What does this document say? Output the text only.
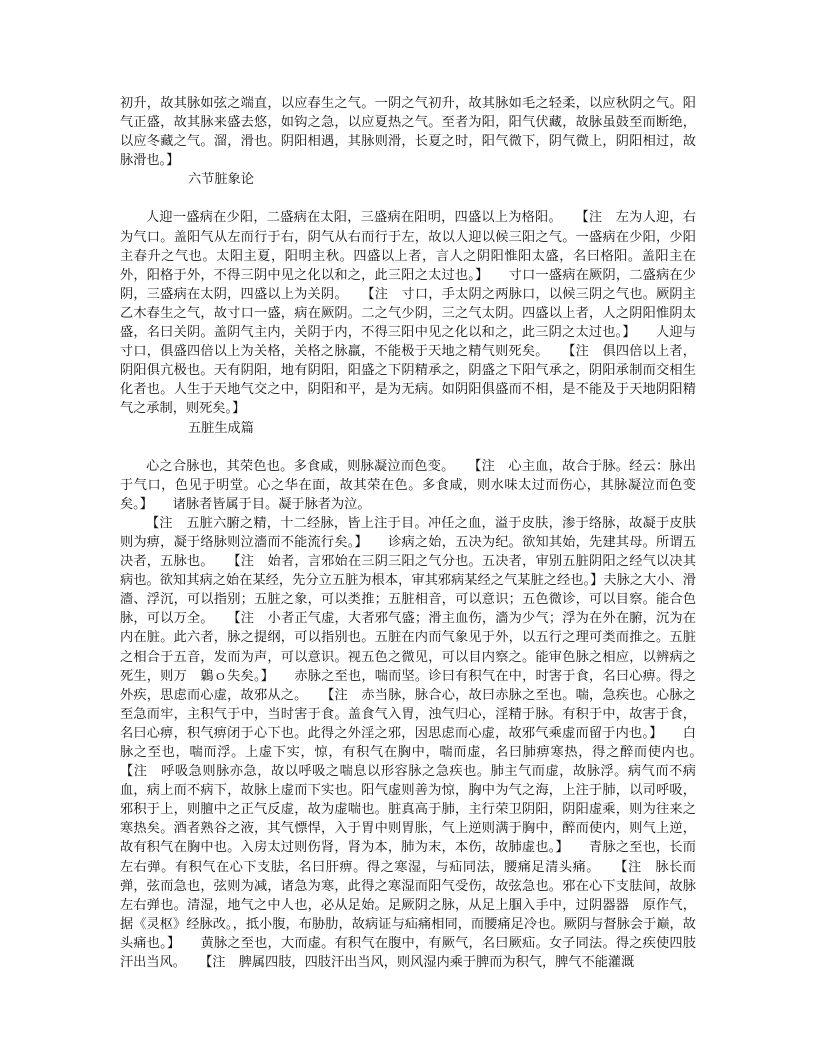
初升，故其脉如弦之端直，以应春生之气。一阴之气初升，故其脉如毛之轻柔，以应秋阴之气。阳气正盛，故其脉来盛去悠，如钩之急，以应夏热之气。至者为阳，阳气伏藏，故脉虽鼓至而断绝，以应冬藏之气。溜，滑也。阴阳相遇，其脉则滑，长夏之时，阳气微下，阴气微上，阴阳相过，故脉滑也。】

六节脏象论

人迎一盛病在少阳，二盛病在太阳，三盛病在阳明，四盛以上为格阳。　　【注　左为人迎，右为气口。盖阳气从左而行于右，阴气从右而行于左，故以人迎以候三阳之气。一盛病在少阳，少阳主春升之气也。太阳主夏，阳明主秋。四盛以上者，言人之阴阳惟阳太盛，名曰格阳。盖阳主在外，阳格于外，不得三阴中见之化以和之，此三阳之太过也。】　　寸口一盛病在厥阴，二盛病在少阴，三盛病在太阴，四盛以上为关阴。　　【注　寸口，手太阴之两脉口，以候三阴之气也。厥阴主乙木春生之气，故寸口一盛，病在厥阴。二之气少阴，三之气太阴。四盛以上者，人之阴阳惟阴太盛，名曰关阴。盖阴气主内，关阴于内，不得三阳中见之化以和之，此三阴之太过也。】　　人迎与寸口，俱盛四倍以上为关格，关格之脉羸，不能极于天地之精气则死矣。　　【注　俱四倍以上者，阴阳俱亢极也。天有阴阳，地有阴阳，阳盛之下阴精承之，阴盛之下阳气承之，阴阳承制而交相生化者也。人生于天地气交之中，阴阳和平，是为无病。如阴阳俱盛而不相，是不能及于天地阴阳精气之承制，则死矣。】

五脏生成篇

心之合脉也，其荣色也。多食咸，则脉凝泣而色变。　　【注　心主血，故合于脉。经云：脉出于气口，色见于明堂。心之华在面，故其荣在色。多食咸，则水味太过而伤心，其脉凝泣而色变矣。】　　诸脉者皆属于目。凝于脉者为泣。

【注　五脏六腑之精，十二经脉，皆上注于目。冲任之血，溢于皮肤，渗于络脉，故凝于皮肤则为痹，凝于络脉则泣濇而不能流行矣。】　　诊病之始，五决为纪。欲知其始，先建其母。所谓五决者，五脉也。　　【注　始者，言邪始在三阴三阳之气分也。五决者，审别五脏阴阳之经气以决其病也。欲知其病之始在某经，先分立五脏为根本，审其邪病某经之气某脏之经也。】夫脉之大小、滑濇、浮沉，可以指别；五脏之象，可以类推；五脏相音，可以意识；五色微诊，可以目察。能合色脉，可以万全。　　【注　小者正气虚，大者邪气盛；滑主血伤，濇为少气；浮为在外在腑，沉为在内在脏。此六者，脉之提纲，可以指别也。五脏在内而气象见于外，以五行之理可类而推之。五脏之相合于五音，发而为声，可以意识。视五色之微见，可以目内察之。能审色脉之相应，以辨病之死生，则万　鷍ｏ失矣。】　　赤脉之至也，喘而坚。诊曰有积气在中，时害于食，名曰心痹。得之外疾，思虑而心虚，故邪从之。　　【注　赤当脉，脉合心，故曰赤脉之至也。喘，急疾也。心脉之至急而牢，主积气于中，当时害于食。盖食气入胃，浊气归心，淫精于脉。有积于中，故害于食，名曰心痹，积气痹闭于心下也。此得之外淫之邪，因思虑而心虚，故邪气乘虚而留于内也。】　　白脉之至也，喘而浮。上虚下实，惊，有积气在胸中，喘而虚，名曰肺痹寒热，得之醉而使内也。　　【注　呼吸急则脉亦急，故以呼吸之喘息以形容脉之急疾也。肺主气而虚，故脉浮。病气而不病血，病上而不病下，故脉上虚而下实也。阳气虚则善为惊，胸中为气之海，上注于肺，以司呼吸，邪积于上，则膻中之正气反虚，故为虚喘也。脏真高于肺，主行荣卫阴阳，阴阳虚乘，则为往来之寒热矣。酒者熟谷之液，其气慓悍，入于胃中则胃胀，气上逆则满于胸中，醉而使内，则气上逆，故有积气在胸中也。入房太过则伤肾，肾为本，肺为末，本伤，故肺虚也。】　　青脉之至也，长而左右弹。有积气在心下支胠，名曰肝痹。得之寒湿，与疝同法，腰痛足清头痛。　　【注　脉长而弹，弦而急也，弦则为减，诸急为寒，此得之寒湿而阳气受伤，故弦急也。邪在心下支胠间，故脉左右弹也。清湿，地气之中人也，必从足始。足厥阴之脉，从足上腘入手中，过阴器器　原作气，据《灵枢》经脉改。，抵小腹，布胁肋，故病证与疝痛相同，而腰痛足冷也。厥阴与督脉会于巅，故头痛也。】　　黄脉之至也，大而虚。有积气在腹中，有厥气，名曰厥疝。女子同法。得之疾使四肢汗出当风。　　【注　脾属四肢，四肢汗出当风，则风湿内乘于脾而为积气，脾气不能灌溉
